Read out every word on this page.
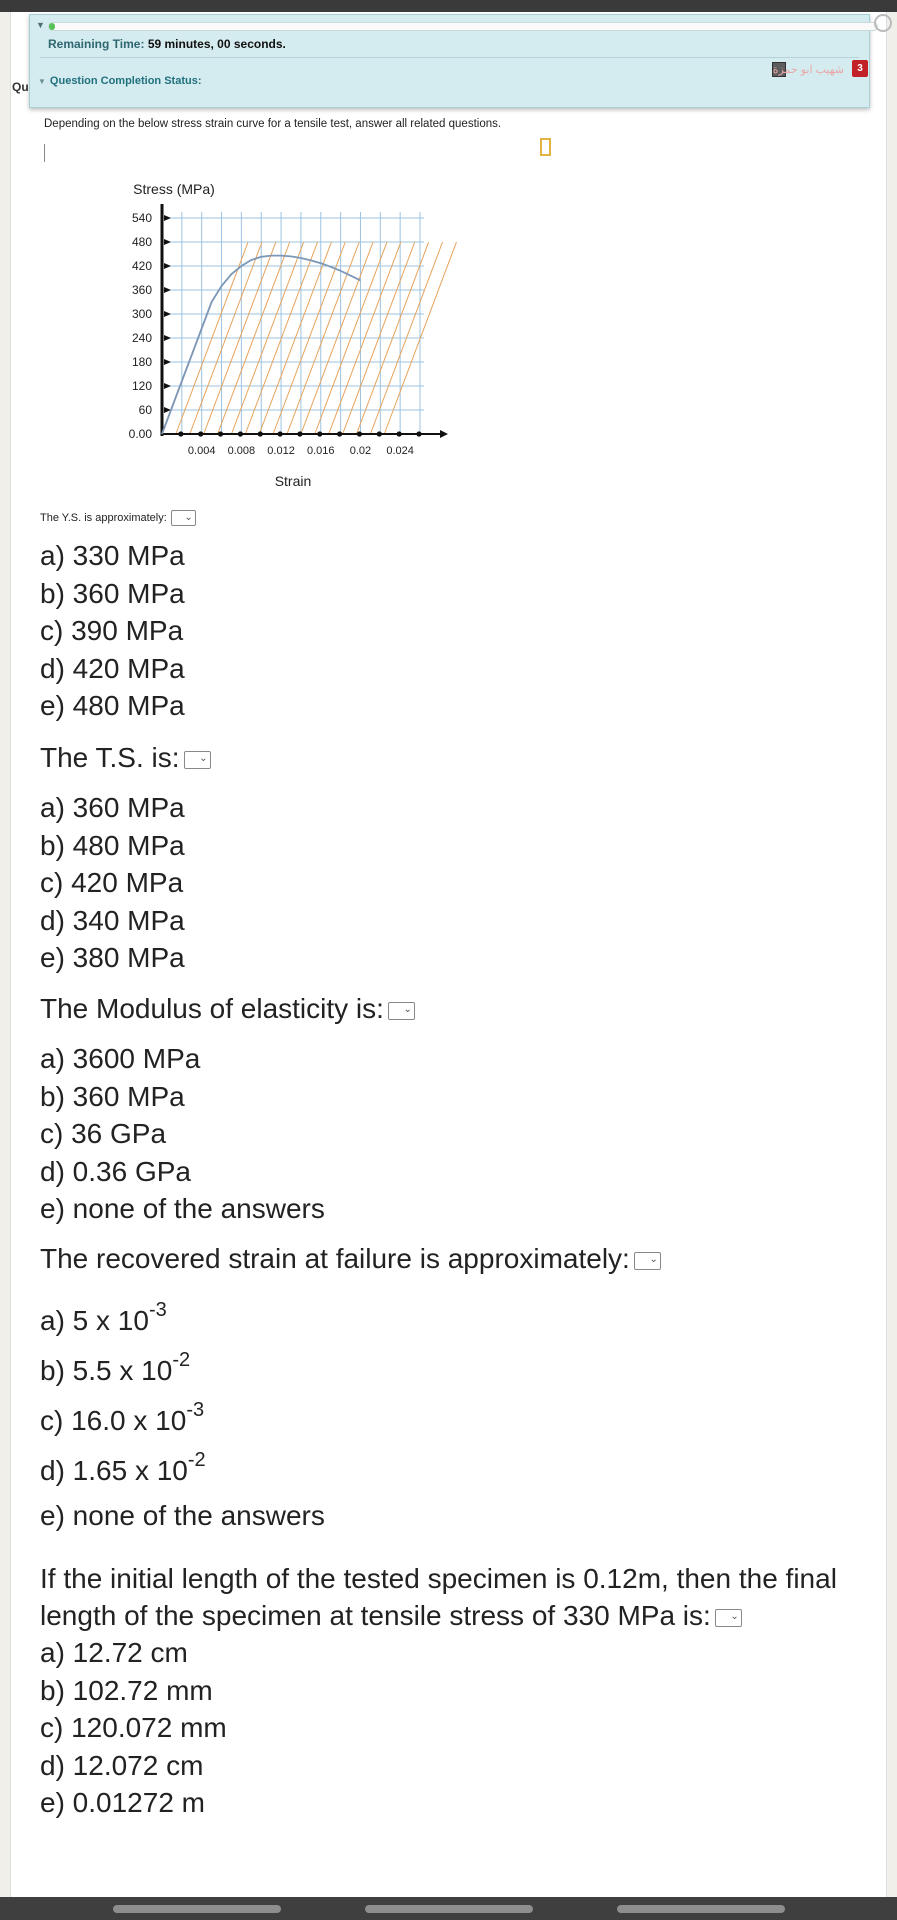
Qu
▼
Remaining Time: 59 minutes, 00 seconds.
▼ Question Completion Status:
شهيب ابو حمزة	3
Depending on the below stress strain curve for a tensile test, answer all related questions.
540
480
420
360
300
240
180
120
60
0.00
0.004 0.008 0.012 0.016 0.02 0.024
Stress (MPa)
Strain
The Y.S. is approximately: ⌄
a) 330 MPa
b) 360 MPa
c) 390 MPa
d) 420 MPa
e) 480 MPa
The T.S. is: ⌄
a) 360 MPa
b) 480 MPa
c) 420 MPa
d) 340 MPa
e) 380 MPa
The Modulus of elasticity is: ⌄
a) 3600 MPa
b) 360 MPa
c) 36 GPa
d) 0.36 GPa
e) none of the answers
The recovered strain at failure is approximately: ⌄
a) 5 x $10^{-3}$
b) 5.5 x $10^{-2}$
c) 16.0 x $10^{-3}$
d) 1.65 x $10^{-2}$
e) none of the answers
If the initial length of the tested specimen is 0.12m, then the final length of the specimen at tensile stress of 330 MPa is: ⌄
a) 12.72 cm
b) 102.72 mm
c) 120.072 mm
d) 12.072 cm
e) 0.01272 m
